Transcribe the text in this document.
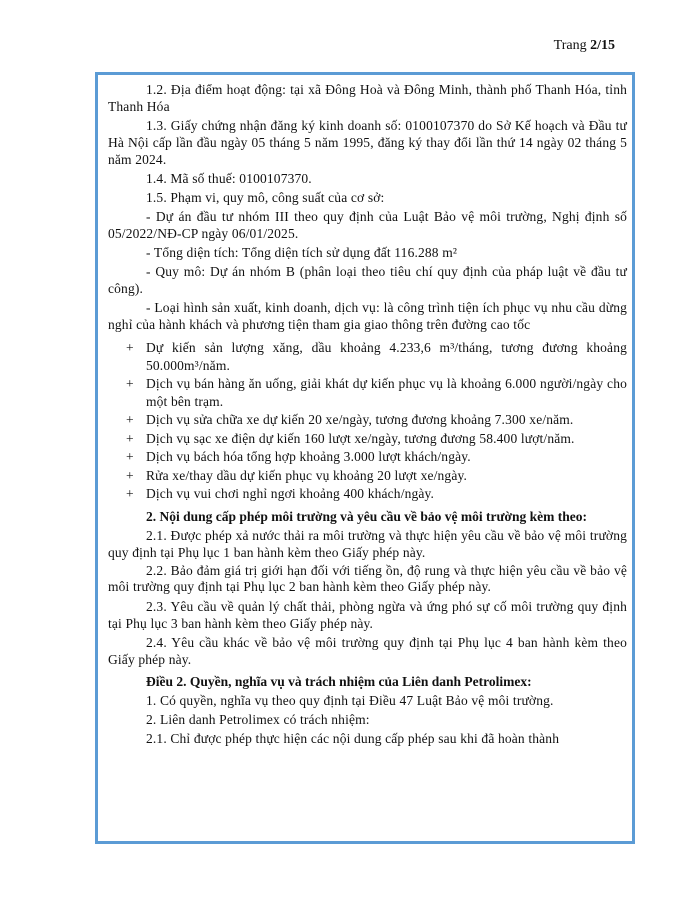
Trang 2/15

1.2. Địa điểm hoạt động: tại xã Đông Hoà và Đông Minh, thành phố Thanh Hóa, tỉnh Thanh Hóa

1.3. Giấy chứng nhận đăng ký kinh doanh số: 0100107370 do Sở Kế hoạch và Đầu tư Hà Nội cấp lần đầu ngày 05 tháng 5 năm 1995, đăng ký thay đổi lần thứ 14 ngày 02 tháng 5 năm 2024.

1.4. Mã số thuế: 0100107370.

1.5. Phạm vi, quy mô, công suất của cơ sở:

- Dự án đầu tư nhóm III theo quy định của Luật Bảo vệ môi trường, Nghị định số 05/2022/NĐ-CP ngày 06/01/2025.

- Tổng diện tích: Tổng diện tích sử dụng đất 116.288 m²

- Quy mô: Dự án nhóm B (phân loại theo tiêu chí quy định của pháp luật về đầu tư công).

- Loại hình sản xuất, kinh doanh, dịch vụ: là công trình tiện ích phục vụ nhu cầu dừng nghỉ của hành khách và phương tiện tham gia giao thông trên đường cao tốc

+ Dự kiến sản lượng xăng, dầu khoảng 4.233,6 m³/tháng, tương đương khoảng 50.000m³/năm.
+ Dịch vụ bán hàng ăn uống, giải khát dự kiến phục vụ là khoảng 6.000 người/ngày cho một bên trạm.
+ Dịch vụ sửa chữa xe dự kiến 20 xe/ngày, tương đương khoảng 7.300 xe/năm.
+ Dịch vụ sạc xe điện dự kiến 160 lượt xe/ngày, tương đương 58.400 lượt/năm.
+ Dịch vụ bách hóa tổng hợp khoảng 3.000 lượt khách/ngày.
+ Rửa xe/thay dầu dự kiến phục vụ khoảng 20 lượt xe/ngày.
+ Dịch vụ vui chơi nghỉ ngơi khoảng 400 khách/ngày.

2. Nội dung cấp phép môi trường và yêu cầu về bảo vệ môi trường kèm theo:

2.1. Được phép xả nước thải ra môi trường và thực hiện yêu cầu về bảo vệ môi trường quy định tại Phụ lục 1 ban hành kèm theo Giấy phép này.

2.2. Bảo đảm giá trị giới hạn đối với tiếng ồn, độ rung và thực hiện yêu cầu về bảo vệ môi trường quy định tại Phụ lục 2 ban hành kèm theo Giấy phép này.

2.3. Yêu cầu về quản lý chất thải, phòng ngừa và ứng phó sự cố môi trường quy định tại Phụ lục 3 ban hành kèm theo Giấy phép này.

2.4. Yêu cầu khác về bảo vệ môi trường quy định tại Phụ lục 4 ban hành kèm theo Giấy phép này.

Điều 2. Quyền, nghĩa vụ và trách nhiệm của Liên danh Petrolimex:

1. Có quyền, nghĩa vụ theo quy định tại Điều 47 Luật Bảo vệ môi trường.

2. Liên danh Petrolimex có trách nhiệm:

2.1. Chỉ được phép thực hiện các nội dung cấp phép sau khi đã hoàn thành
